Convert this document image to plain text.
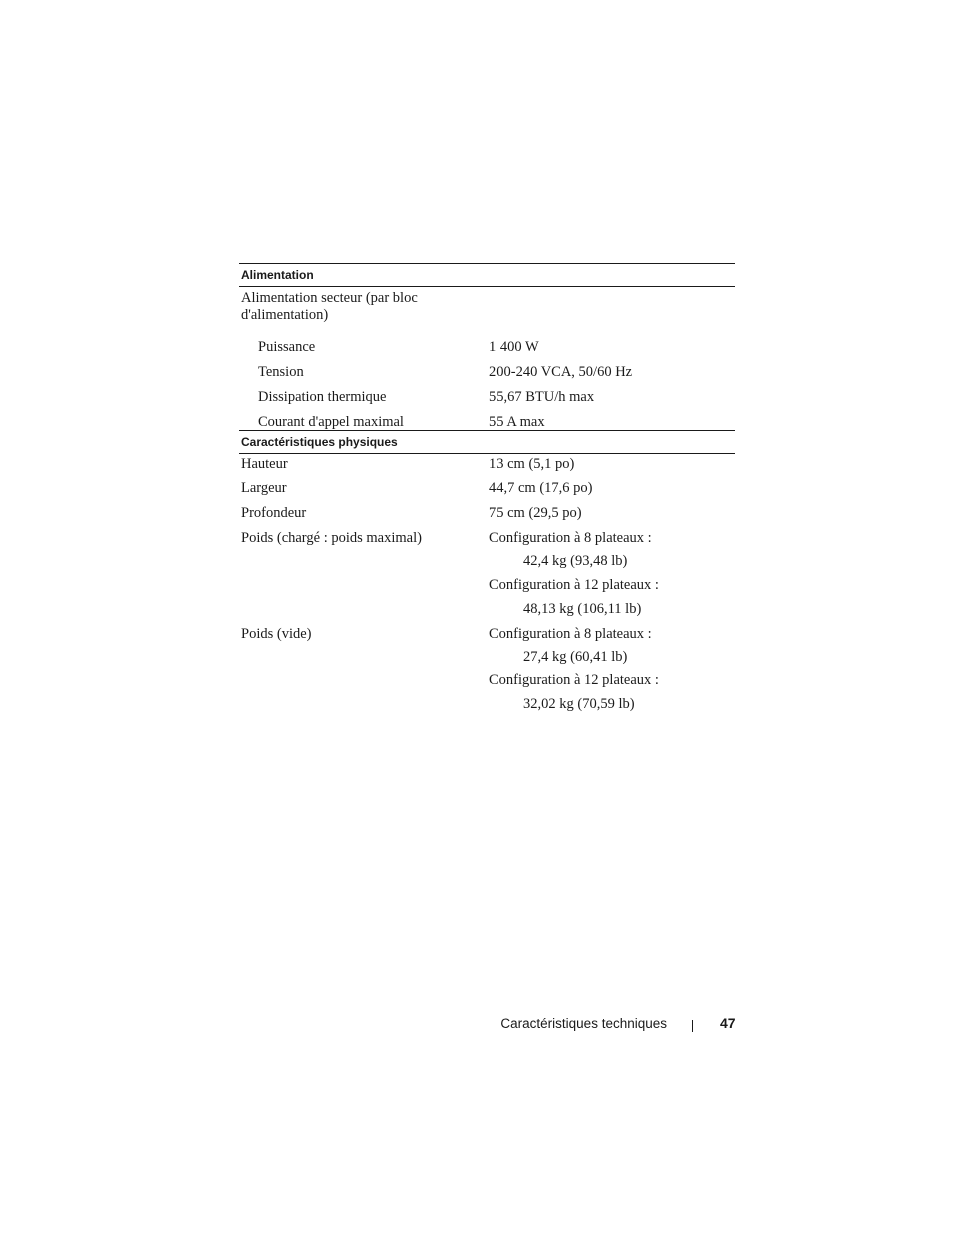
Alimentation
Alimentation secteur (par bloc d'alimentation)
Puissance	1 400 W
Tension	200-240 VCA, 50/60 Hz
Dissipation thermique	55,67 BTU/h max
Courant d'appel maximal	55 A max
Caractéristiques physiques
Hauteur	13 cm (5,1 po)
Largeur	44,7 cm (17,6 po)
Profondeur	75 cm (29,5 po)
Poids (chargé : poids maximal)	Configuration à 8 plateaux :
42,4 kg (93,48 lb)
Configuration à 12 plateaux :
48,13 kg (106,11 lb)
Poids (vide)	Configuration à 8 plateaux :
27,4 kg (60,41 lb)
Configuration à 12 plateaux :
32,02 kg (70,59 lb)
Caractéristiques techniques	47
